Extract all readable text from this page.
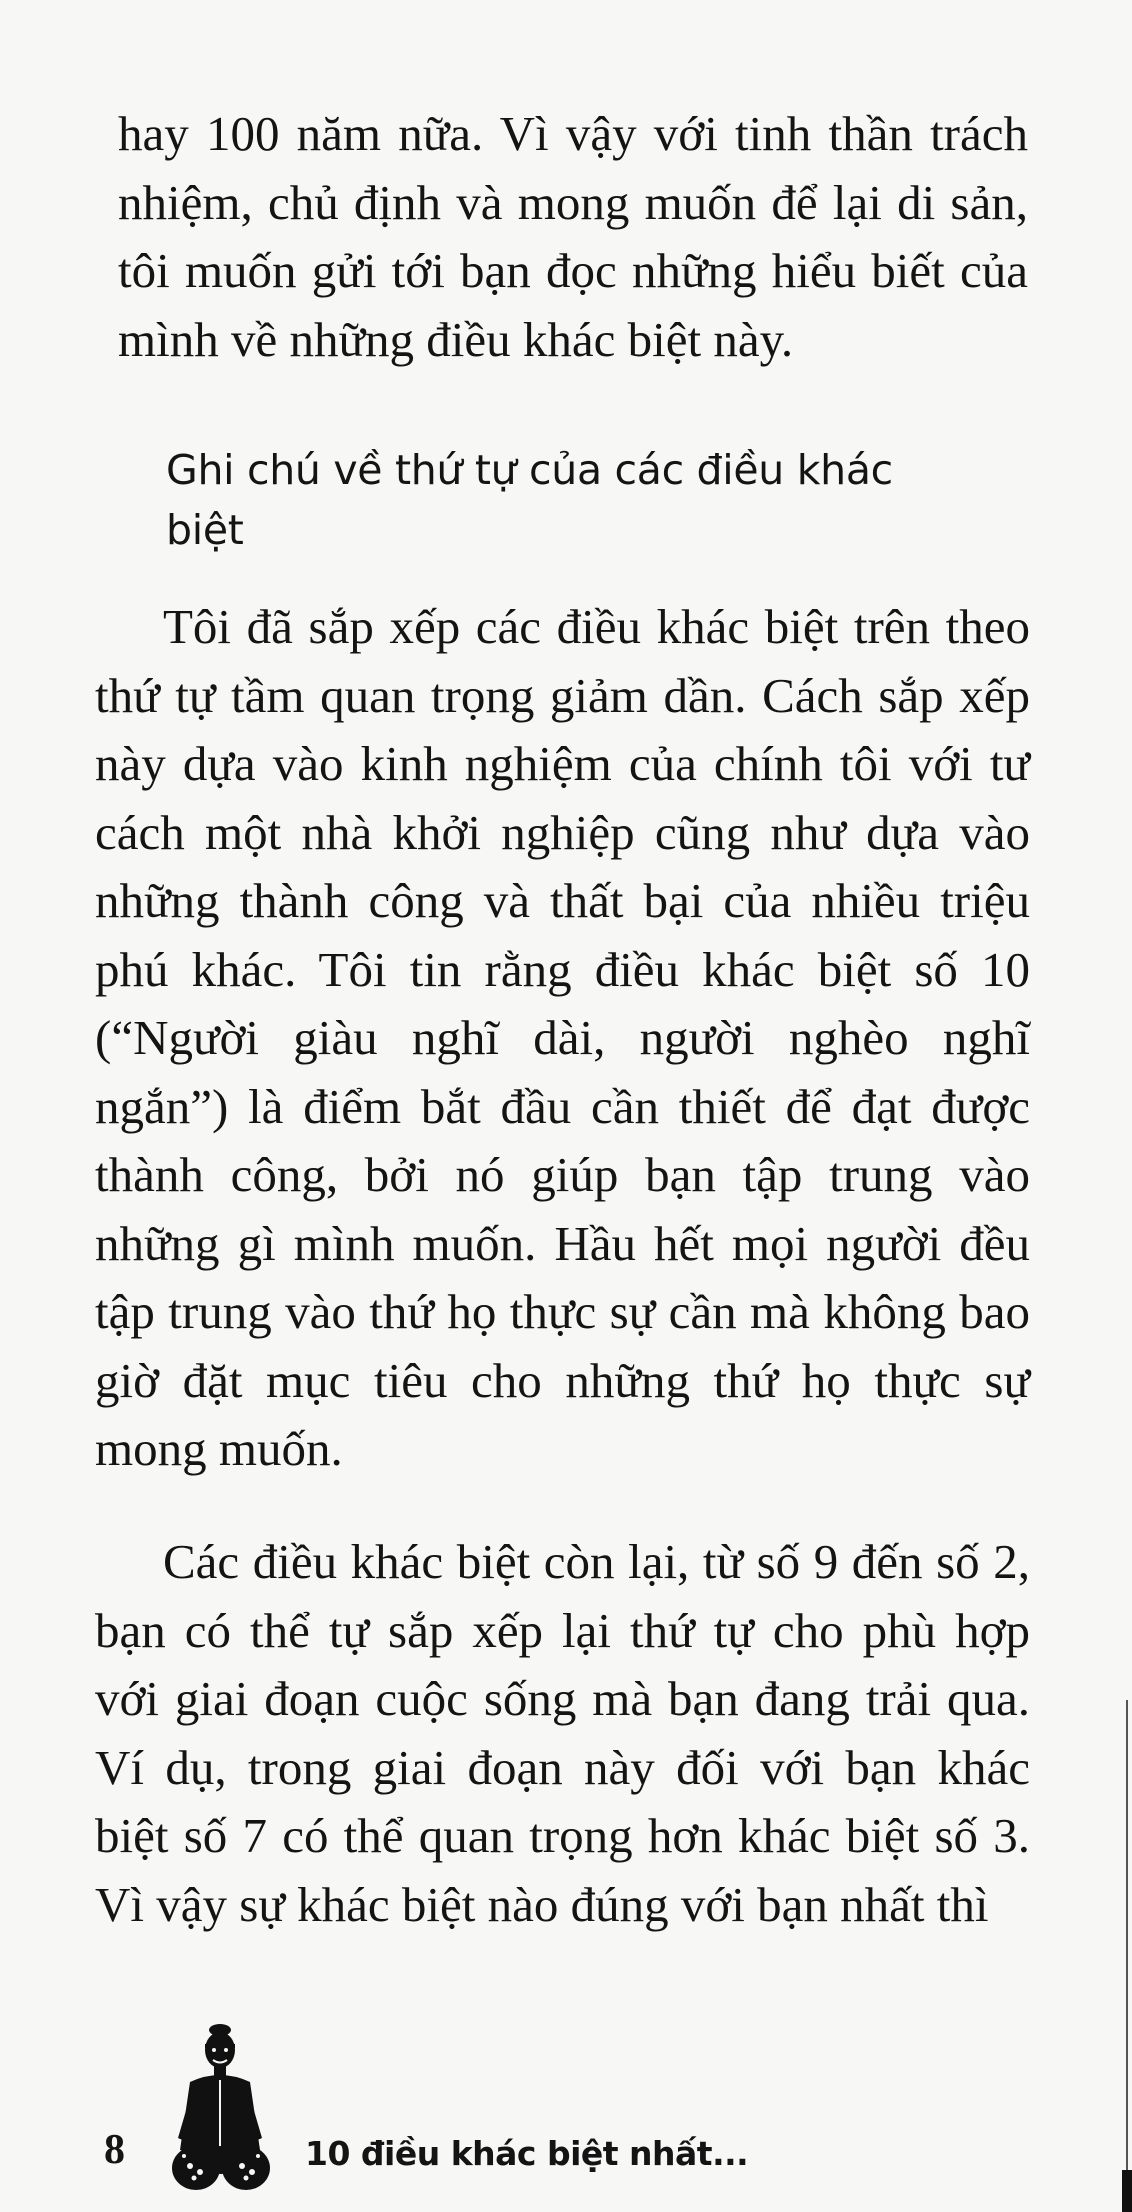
hay 100 năm nữa. Vì vậy với tinh thần trách nhiệm, chủ định và mong muốn để lại di sản, tôi muốn gửi tới bạn đọc những hiểu biết của mình về những điều khác biệt này.

Ghi chú về thứ tự của các điều khác biệt

Tôi đã sắp xếp các điều khác biệt trên theo thứ tự tầm quan trọng giảm dần. Cách sắp xếp này dựa vào kinh nghiệm của chính tôi với tư cách một nhà khởi nghiệp cũng như dựa vào những thành công và thất bại của nhiều triệu phú khác. Tôi tin rằng điều khác biệt số 10 (“Người giàu nghĩ dài, người nghèo nghĩ ngắn”) là điểm bắt đầu cần thiết để đạt được thành công, bởi nó giúp bạn tập trung vào những gì mình muốn. Hầu hết mọi người đều tập trung vào thứ họ thực sự cần mà không bao giờ đặt mục tiêu cho những thứ họ thực sự mong muốn.

Các điều khác biệt còn lại, từ số 9 đến số 2, bạn có thể tự sắp xếp lại thứ tự cho phù hợp với giai đoạn cuộc sống mà bạn đang trải qua. Ví dụ, trong giai đoạn này đối với bạn khác biệt số 7 có thể quan trọng hơn khác biệt số 3. Vì vậy sự khác biệt nào đúng với bạn nhất thì

8	10 điều khác biệt nhất...
